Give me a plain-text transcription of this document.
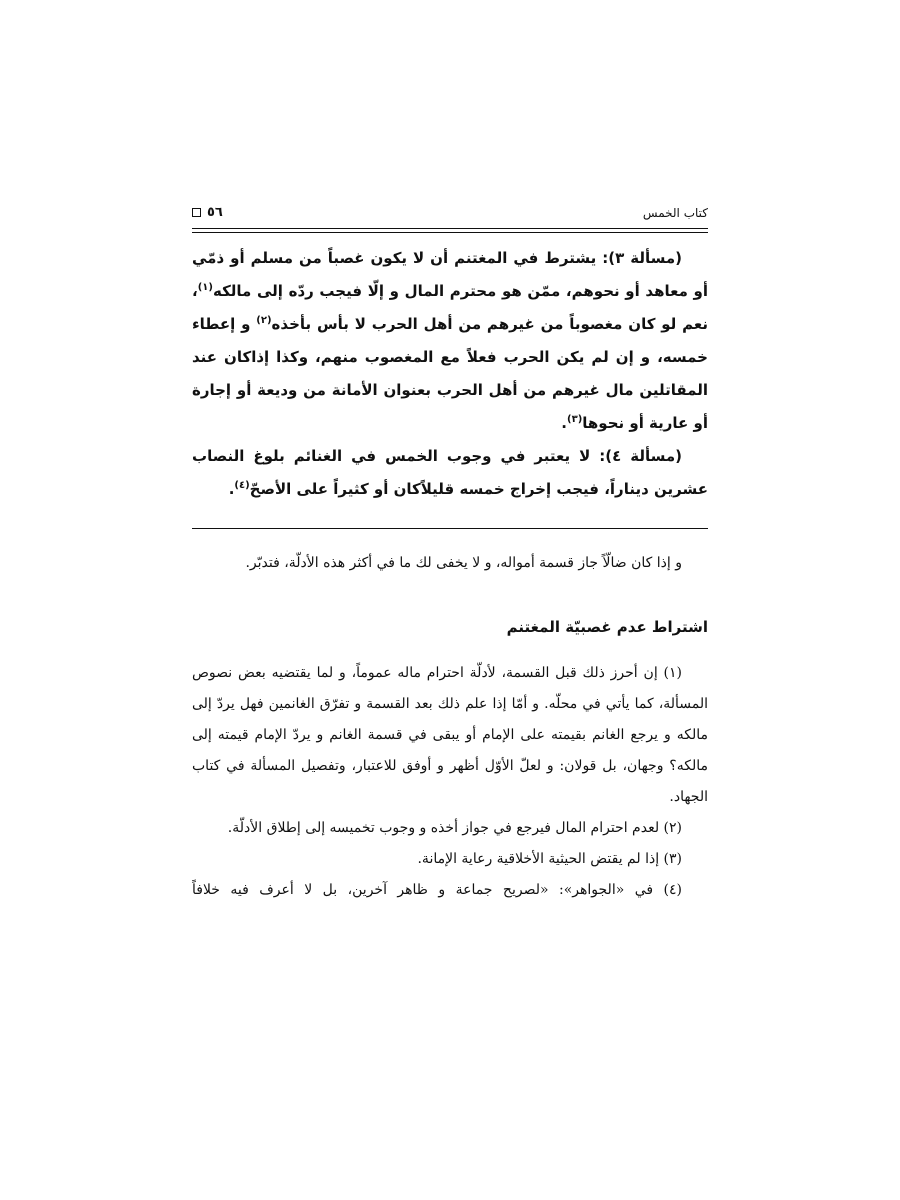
كتاب الخمس
٥٦

(مسألة ٣): يشترط في المغتنم أن لا يكون غصباً من مسلم أو ذمّي أو معاهد أو نحوهم، ممّن هو محترم المال و إلّا فيجب ردّه إلى مالكه$^{(١)}$، نعم لو كان مغصوباً من غيرهم من أهل الحرب لا بأس بأخذه$^{(٢)}$ و إعطاء خمسه، و إن لم يكن الحرب فعلاً مع المغصوب منهم، وكذا إذاكان عند المقاتلين مال غيرهم من أهل الحرب بعنوان الأمانة من وديعة أو إجارة أو عارية أو نحوها$^{(٣)}$.

(مسألة ٤): لا يعتبر في وجوب الخمس في الغنائم بلوغ النصاب عشرين ديناراً، فيجب إخراج خمسه قليلاًكان أو كثيراً على الأصحّ$^{(٤)}$.

و إذا كان ضالّاً جاز قسمة أمواله، و لا يخفى لك ما في أكثر هذه الأدلّة، فتدبّر.

اشتراط عدم غصبيّة المغتنم

(١) إن أحرز ذلك قبل القسمة، لأدلّة احترام ماله عموماً، و لما يقتضيه بعض نصوص المسألة، كما يأتي في محلّه. و أمّا إذا علم ذلك بعد القسمة و تفرّق الغانمين فهل يردّ إلى مالكه و يرجع الغانم بقيمته على الإمام أو يبقى في قسمة الغانم و يردّ الإمام قيمته إلى مالكه؟ وجهان، بل قولان: و لعلّ الأوّل أظهر و أوفق للاعتبار، وتفصيل المسألة في كتاب الجهاد.

(٢) لعدم احترام المال فيرجع في جواز أخذه و وجوب تخميسه إلى إطلاق الأدلّة.

(٣) إذا لم يقتض الحيثية الأخلاقية رعاية الإمانة.

(٤) في «الجواهر»: «لصريح جماعة و ظاهر آخرين، بل لا أعرف فيه خلافاً
